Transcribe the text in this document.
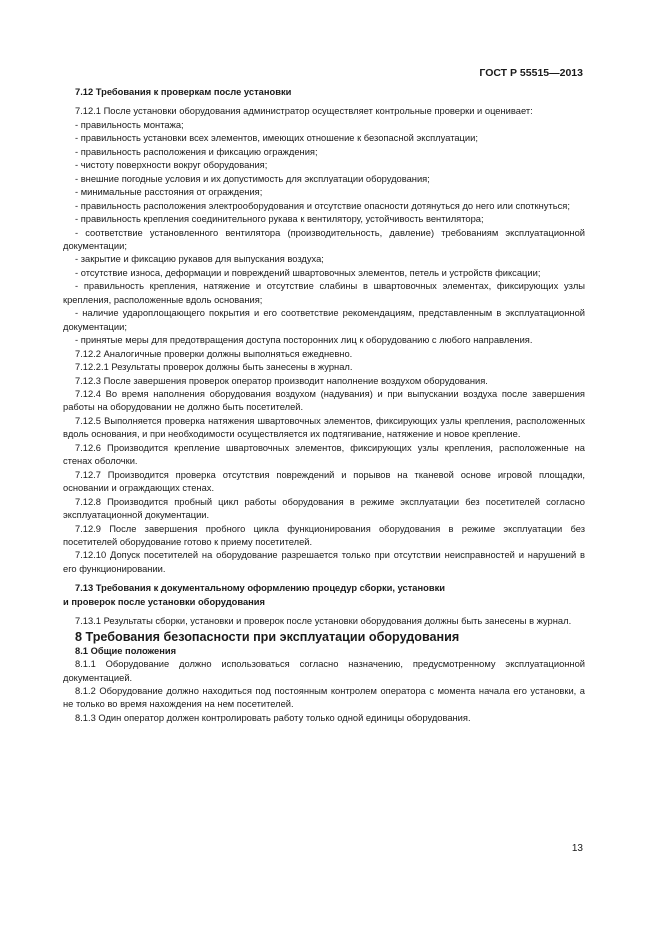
ГОСТ Р 55515—2013

7.12 Требования к проверкам после установки

7.12.1 После установки оборудования администратор осуществляет контрольные проверки и оценивает:

- правильность монтажа;

- правильность установки всех элементов, имеющих отношение к безопасной эксплуатации;

- правильность расположения и фиксацию ограждения;

- чистоту поверхности вокруг оборудования;

- внешние погодные условия и их допустимость для эксплуатации оборудования;

- минимальные расстояния от ограждения;

- правильность расположения электрооборудования и отсутствие опасности дотянуться до него или споткнуться;

- правильность крепления соединительного рукава к вентилятору, устойчивость вентилятора;

- соответствие установленного вентилятора (производительность, давление) требованиям эксплуатационной документации;

- закрытие и фиксацию рукавов для выпускания воздуха;

- отсутствие износа, деформации и повреждений швартовочных элементов, петель и устройств фиксации;

- правильность крепления, натяжение и отсутствие слабины в швартовочных элементах, фиксирующих узлы крепления, расположенные вдоль основания;

- наличие удароплощающего покрытия и его соответствие рекомендациям, представленным в эксплуатационной документации;

- принятые меры для предотвращения доступа посторонних лиц к оборудованию с любого направления.

7.12.2 Аналогичные проверки должны выполняться ежедневно.

7.12.2.1 Результаты проверок должны быть занесены в журнал.

7.12.3 После завершения проверок оператор производит наполнение воздухом оборудования.

7.12.4 Во время наполнения оборудования воздухом (надувания) и при выпускании воздуха после завершения работы на оборудовании не должно быть посетителей.

7.12.5 Выполняется проверка натяжения швартовочных элементов, фиксирующих узлы крепления, расположенных вдоль основания, и при необходимости осуществляется их подтягивание, натяжение и новое крепление.

7.12.6 Производится крепление швартовочных элементов, фиксирующих узлы крепления, расположенные на стенах оболочки.

7.12.7 Производится проверка отсутствия повреждений и порывов на тканевой основе игровой площадки, основании и ограждающих стенах.

7.12.8 Производится пробный цикл работы оборудования в режиме эксплуатации без посетителей согласно эксплуатационной документации.

7.12.9 После завершения пробного цикла функционирования оборудования в режиме эксплуатации без посетителей оборудование готово к приему посетителей.

7.12.10 Допуск посетителей на оборудование разрешается только при отсутствии неисправностей и нарушений в его функционировании.

7.13 Требования к документальному оформлению процедур сборки, установки

и проверок после установки оборудования

7.13.1 Результаты сборки, установки и проверок после установки оборудования должны быть занесены в журнал.

8 Требования безопасности при эксплуатации оборудования

8.1 Общие положения

8.1.1 Оборудование должно использоваться согласно назначению, предусмотренному эксплуатационной документацией.

8.1.2 Оборудование должно находиться под постоянным контролем оператора с момента начала его установки, а не только во время нахождения на нем посетителей.

8.1.3 Один оператор должен контролировать работу только одной единицы оборудования.

13
